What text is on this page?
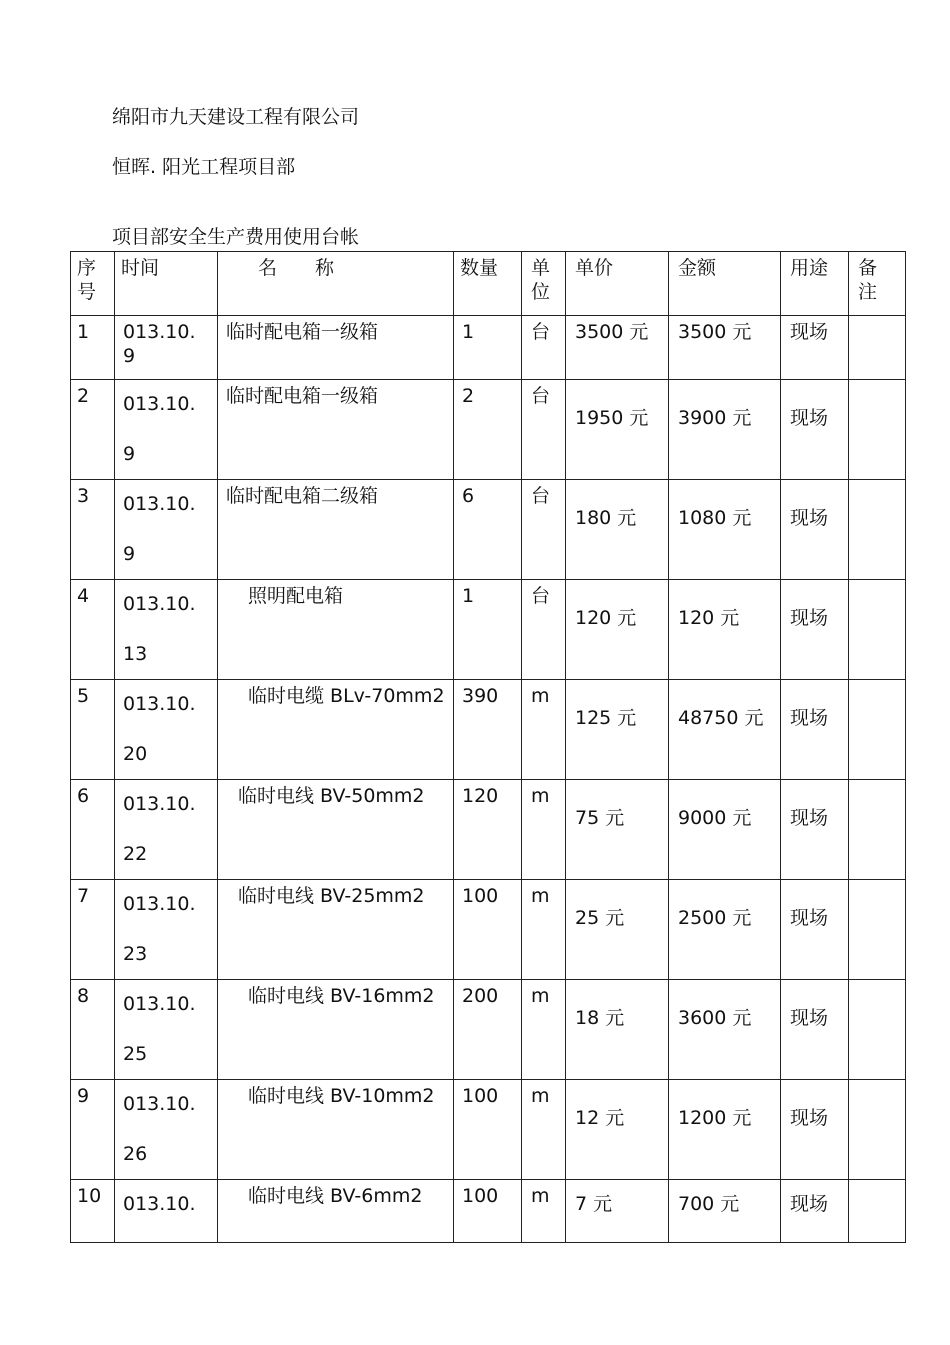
绵阳市九天建设工程有限公司
恒晖. 阳光工程项目部
项目部安全生产费用使用台帐
序
号	时间	名　　称	数量	单
位	单价	金额	用途	备
注

1	013.10.
9	临时配电箱一级箱	1	台	3500 元	3500 元	现场	

2	013.10.
9	临时配电箱一级箱	2	台	1950 元	3900 元	现场	

3	013.10.
9	临时配电箱二级箱	6	台	180 元	1080 元	现场	

4	013.10.
13	照明配电箱	1	台	120 元	120 元	现场	

5	013.10.
20	临时电缆 BLv-70mm2	390	m	125 元	48750 元	现场	

6	013.10.
22	临时电线 BV-50mm2	120	m	75 元	9000 元	现场	

7	013.10.
23	临时电线 BV-25mm2	100	m	25 元	2500 元	现场	

8	013.10.
25	临时电线 BV-16mm2	200	m	18 元	3600 元	现场	

9	013.10.
26	临时电线 BV-10mm2	100	m	12 元	1200 元	现场	

10	013.10.	临时电线 BV-6mm2	100	m	7 元	700 元	现场	
